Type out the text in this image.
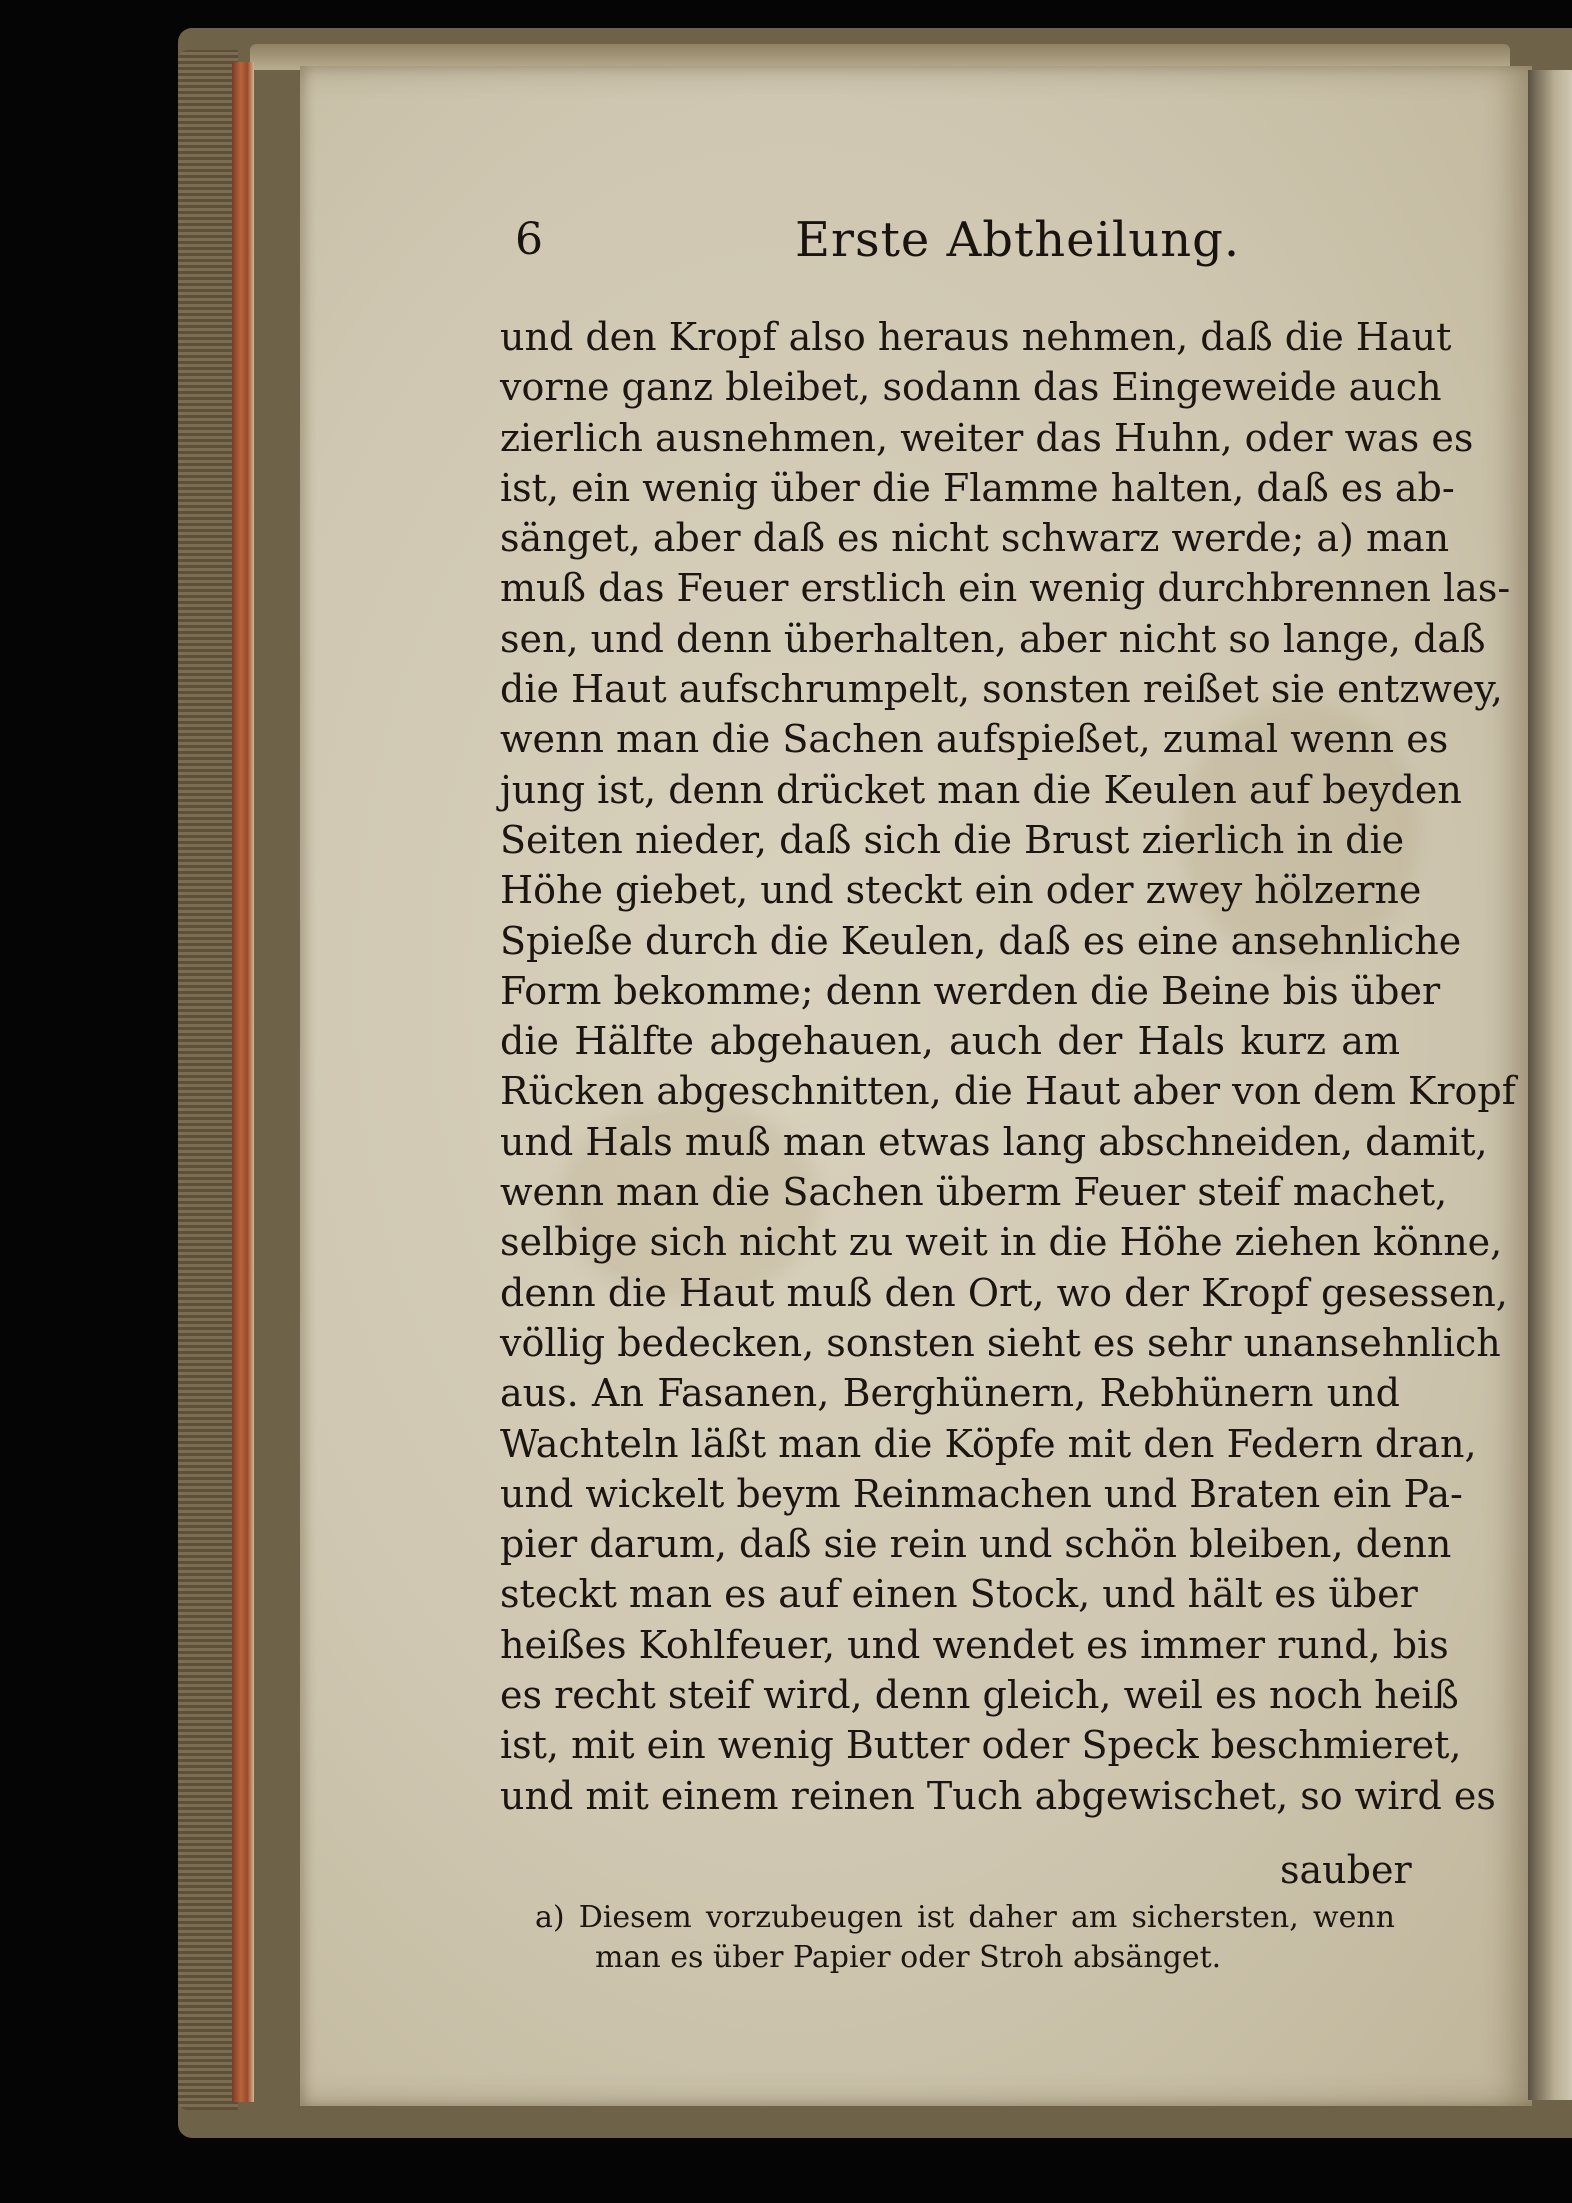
6	Erste Abtheilung.
und den Kropf also heraus nehmen, daß die Haut
vorne ganz bleibet, sodann das Eingeweide auch
zierlich ausnehmen, weiter das Huhn, oder was es
ist, ein wenig über die Flamme halten, daß es ab-
sänget, aber daß es nicht schwarz werde; a) man
muß das Feuer erstlich ein wenig durchbrennen las-
sen, und denn überhalten, aber nicht so lange, daß
die Haut aufschrumpelt, sonsten reißet sie entzwey,
wenn man die Sachen aufspießet, zumal wenn es
jung ist, denn drücket man die Keulen auf beyden
Seiten nieder, daß sich die Brust zierlich in die
Höhe giebet, und steckt ein oder zwey hölzerne
Spieße durch die Keulen, daß es eine ansehnliche
Form bekomme; denn werden die Beine bis über
die Hälfte abgehauen, auch der Hals kurz am
Rücken abgeschnitten, die Haut aber von dem Kropf
und Hals muß man etwas lang abschneiden, damit,
wenn man die Sachen überm Feuer steif machet,
selbige sich nicht zu weit in die Höhe ziehen könne,
denn die Haut muß den Ort, wo der Kropf gesessen,
völlig bedecken, sonsten sieht es sehr unansehnlich
aus. An Fasanen, Berghünern, Rebhünern und
Wachteln läßt man die Köpfe mit den Federn dran,
und wickelt beym Reinmachen und Braten ein Pa-
pier darum, daß sie rein und schön bleiben, denn
steckt man es auf einen Stock, und hält es über
heißes Kohlfeuer, und wendet es immer rund, bis
es recht steif wird, denn gleich, weil es noch heiß
ist, mit ein wenig Butter oder Speck beschmieret,
und mit einem reinen Tuch abgewischet, so wird es
sauber
a) Diesem vorzubeugen ist daher am sichersten, wenn
man es über Papier oder Stroh absänget.
